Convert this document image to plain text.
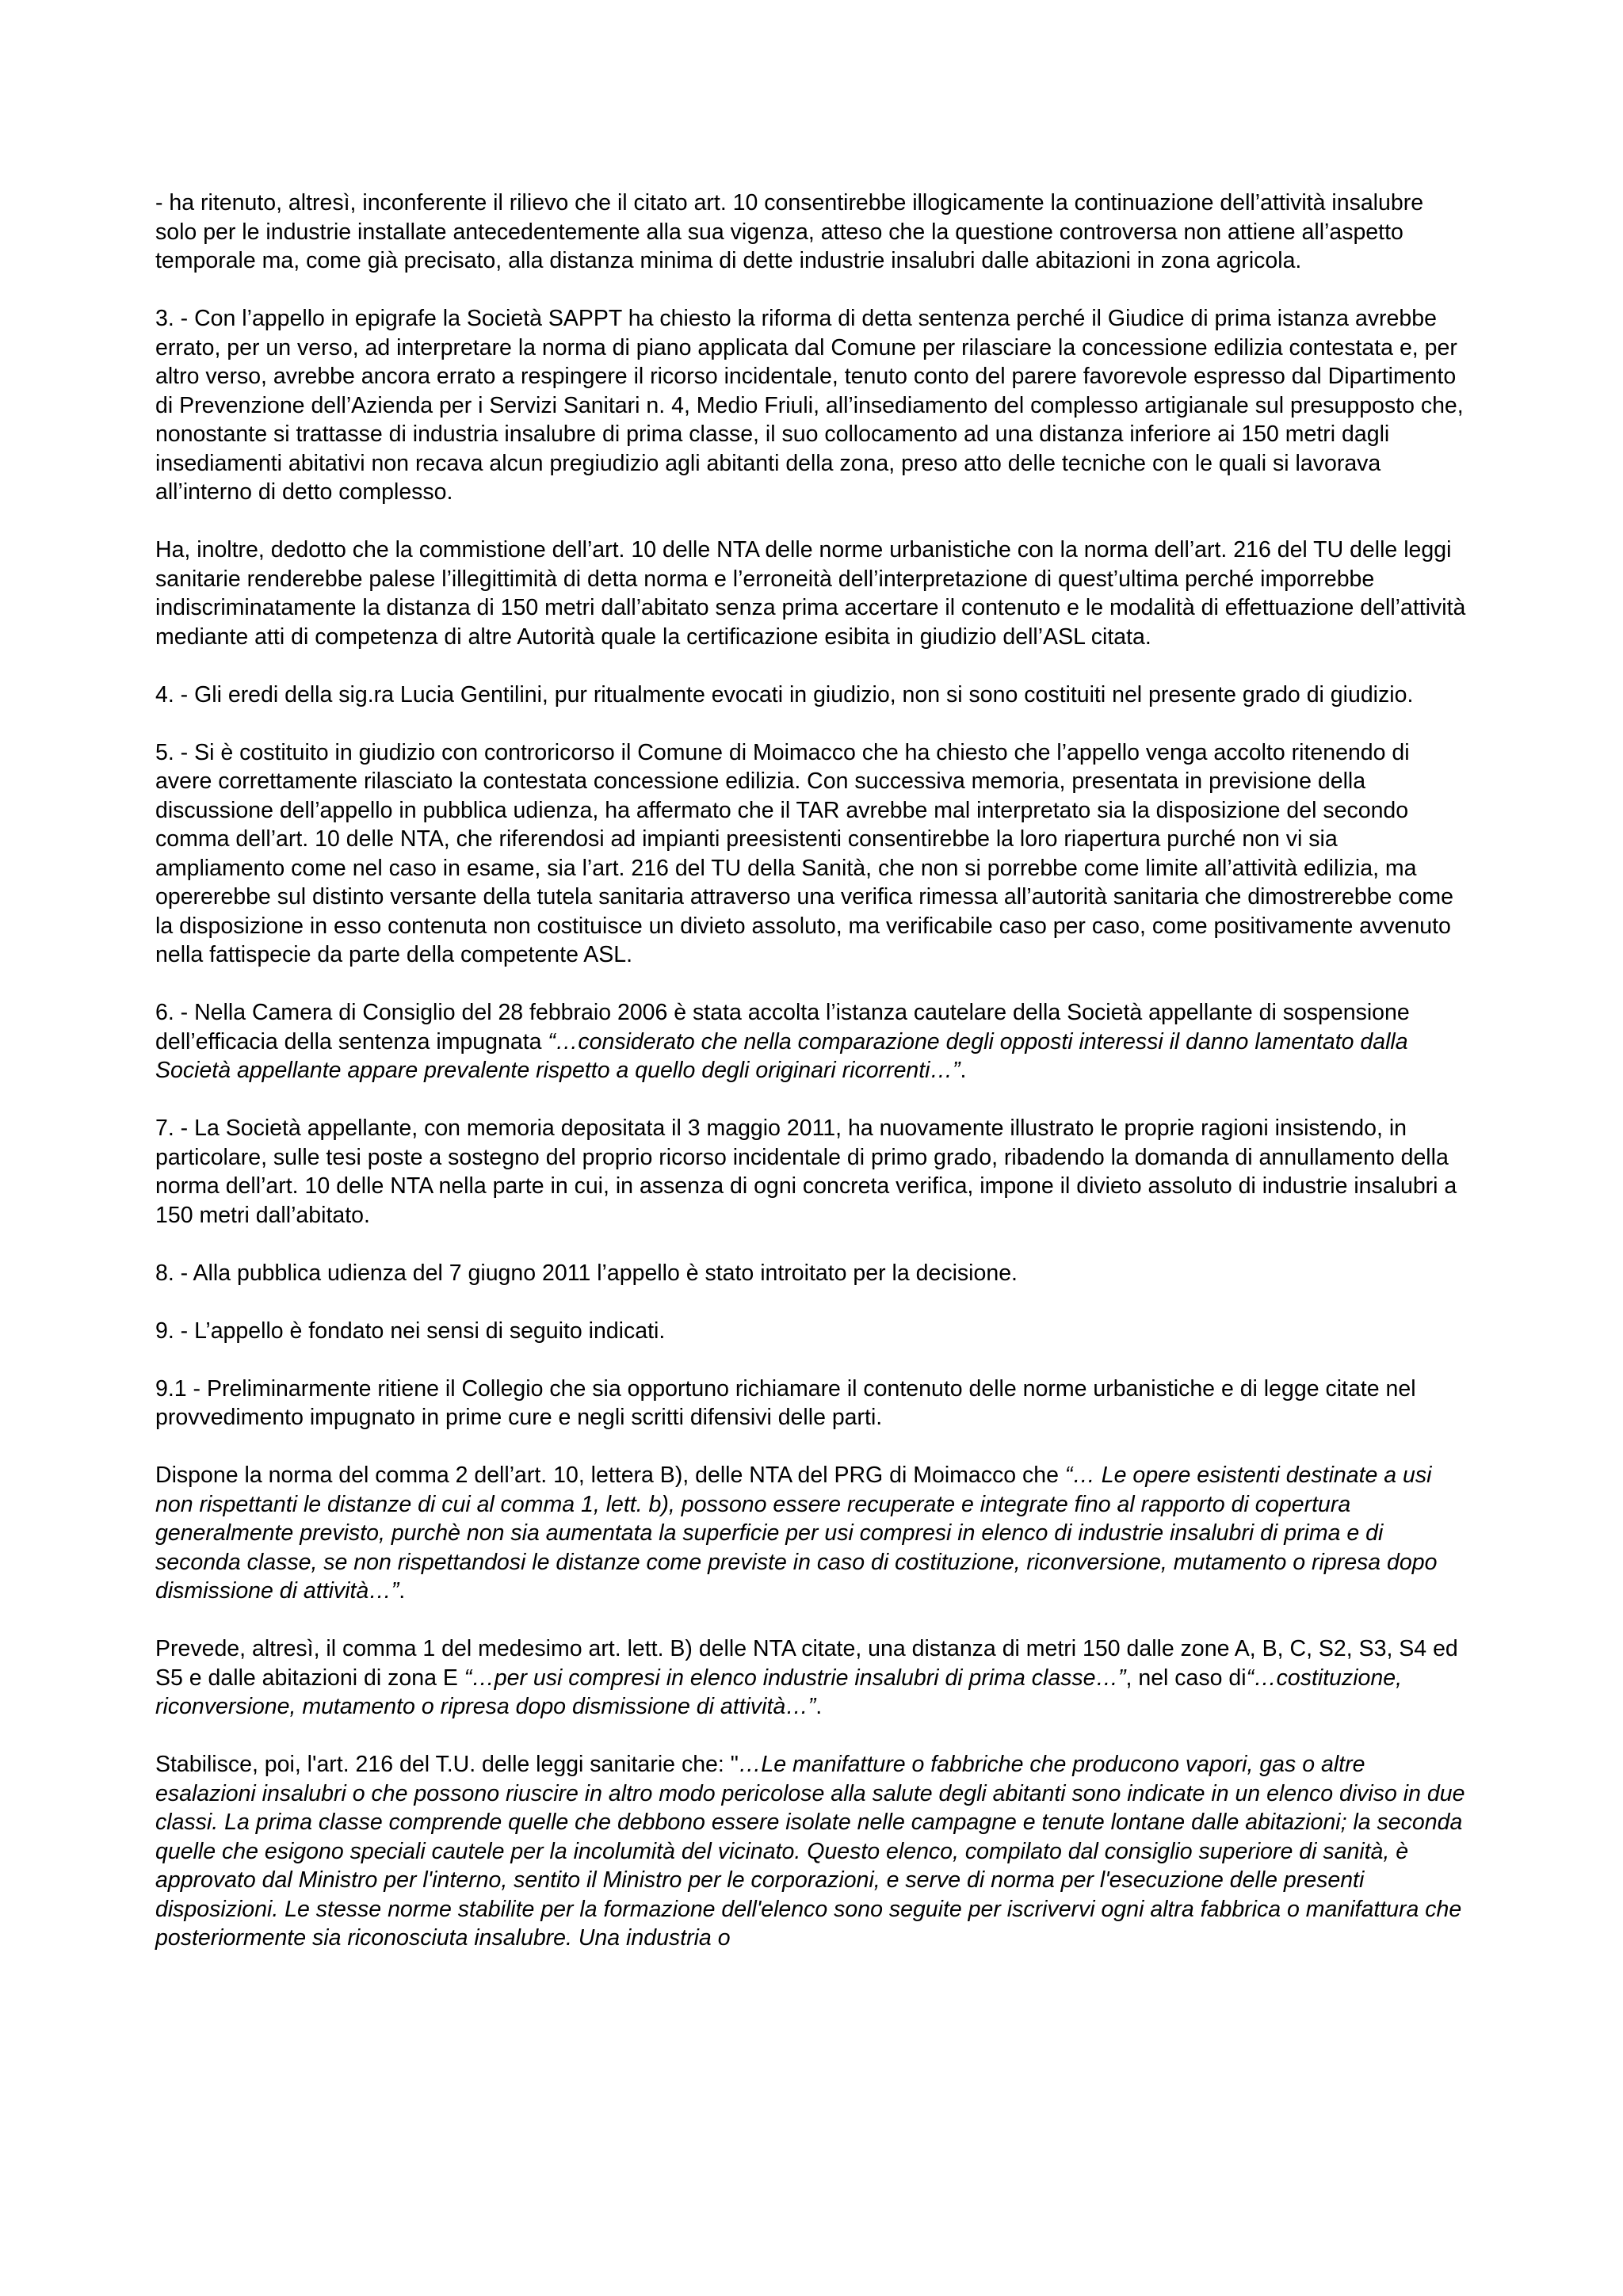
- ha ritenuto, altresì, inconferente il rilievo che il citato art. 10 consentirebbe illogicamente la continuazione dell’attività insalubre solo per le industrie installate antecedentemente alla sua vigenza, atteso che la questione controversa non attiene all’aspetto temporale ma, come già precisato, alla distanza minima di dette industrie insalubri dalle abitazioni in zona agricola.

3. - Con l’appello in epigrafe la Società SAPPT ha chiesto la riforma di detta sentenza perché il Giudice di prima istanza avrebbe errato, per un verso, ad interpretare la norma di piano applicata dal Comune per rilasciare la concessione edilizia contestata e, per altro verso, avrebbe ancora errato a respingere il ricorso incidentale, tenuto conto del parere favorevole espresso dal Dipartimento di Prevenzione dell’Azienda per i Servizi Sanitari n. 4, Medio Friuli, all’insediamento del complesso artigianale sul presupposto che, nonostante si trattasse di industria insalubre di prima classe, il suo collocamento ad una distanza inferiore ai 150 metri dagli insediamenti abitativi non recava alcun pregiudizio agli abitanti della zona, preso atto delle tecniche con le quali si lavorava all’interno di detto complesso.

Ha, inoltre, dedotto che la commistione dell’art. 10 delle NTA delle norme urbanistiche con la norma dell’art. 216 del TU delle leggi sanitarie renderebbe palese l’illegittimità di detta norma e l’erroneità dell’interpretazione di quest’ultima perché imporrebbe indiscriminatamente la distanza di 150 metri dall’abitato senza prima accertare il contenuto e le modalità di effettuazione dell’attività mediante atti di competenza di altre Autorità quale la certificazione esibita in giudizio dell’ASL citata.

4. - Gli eredi della sig.ra Lucia Gentilini, pur ritualmente evocati in giudizio, non si sono costituiti nel presente grado di giudizio.

5. - Si è costituito in giudizio con controricorso il Comune di Moimacco che ha chiesto che l’appello venga accolto ritenendo di avere correttamente rilasciato la contestata concessione edilizia. Con successiva memoria, presentata in previsione della discussione dell’appello in pubblica udienza, ha affermato che il TAR avrebbe mal interpretato sia la disposizione del secondo comma dell’art. 10 delle NTA, che riferendosi ad impianti preesistenti consentirebbe la loro riapertura purché non vi sia ampliamento come nel caso in esame, sia l’art. 216 del TU della Sanità, che non si porrebbe come limite all’attività edilizia, ma opererebbe sul distinto versante della tutela sanitaria attraverso una verifica rimessa all’autorità sanitaria che dimostrerebbe come la disposizione in esso contenuta non costituisce un divieto assoluto, ma verificabile caso per caso, come positivamente avvenuto nella fattispecie da parte della competente ASL.

6. - Nella Camera di Consiglio del 28 febbraio 2006 è stata accolta l’istanza cautelare della Società appellante di sospensione dell’efficacia della sentenza impugnata “…considerato che nella comparazione degli opposti interessi il danno lamentato dalla Società appellante appare prevalente rispetto a quello degli originari ricorrenti…”.

7. - La Società appellante, con memoria depositata il 3 maggio 2011, ha nuovamente illustrato le proprie ragioni insistendo, in particolare, sulle tesi poste a sostegno del proprio ricorso incidentale di primo grado, ribadendo la domanda di annullamento della norma dell’art. 10 delle NTA nella parte in cui, in assenza di ogni concreta verifica, impone il divieto assoluto di industrie insalubri a 150 metri dall’abitato.

8. - Alla pubblica udienza del 7 giugno 2011 l’appello è stato introitato per la decisione.

9. - L’appello è fondato nei sensi di seguito indicati.

9.1 - Preliminarmente ritiene il Collegio che sia opportuno richiamare il contenuto delle norme urbanistiche e di legge citate nel provvedimento impugnato in prime cure e negli scritti difensivi delle parti.

Dispone la norma del comma 2 dell’art. 10, lettera B), delle NTA del PRG di Moimacco che “… Le opere esistenti destinate a usi non rispettanti le distanze di cui al comma 1, lett. b), possono essere recuperate e integrate fino al rapporto di copertura generalmente previsto, purchè non sia aumentata la superficie per usi compresi in elenco di industrie insalubri di prima e di seconda classe, se non rispettandosi le distanze come previste in caso di costituzione, riconversione, mutamento o ripresa dopo dismissione di attività…”.

Prevede, altresì, il comma 1 del medesimo art. lett. B) delle NTA citate, una distanza di metri 150 dalle zone A, B, C, S2, S3, S4 ed S5 e dalle abitazioni di zona E “…per usi compresi in elenco industrie insalubri di prima classe…”, nel caso di“…costituzione, riconversione, mutamento o ripresa dopo dismissione di attività…”.

Stabilisce, poi, l'art. 216 del T.U. delle leggi sanitarie che: "…Le manifatture o fabbriche che producono vapori, gas o altre esalazioni insalubri o che possono riuscire in altro modo pericolose alla salute degli abitanti sono indicate in un elenco diviso in due classi. La prima classe comprende quelle che debbono essere isolate nelle campagne e tenute lontane dalle abitazioni; la seconda quelle che esigono speciali cautele per la incolumità del vicinato. Questo elenco, compilato dal consiglio superiore di sanità, è approvato dal Ministro per l'interno, sentito il Ministro per le corporazioni, e serve di norma per l'esecuzione delle presenti disposizioni. Le stesse norme stabilite per la formazione dell'elenco sono seguite per iscrivervi ogni altra fabbrica o manifattura che posteriormente sia riconosciuta insalubre. Una industria o
